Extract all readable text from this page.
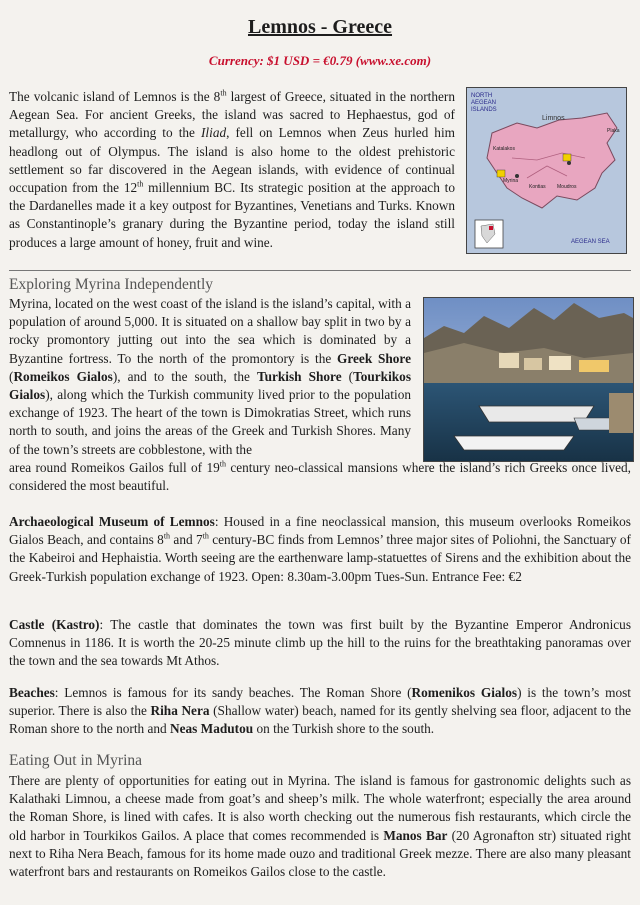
Lemnos - Greece
Currency: $1 USD = €0.79 (www.xe.com)

The volcanic island of Lemnos is the 8th largest of Greece, situated in the northern Aegean Sea. For ancient Greeks, the island was sacred to Hephaestus, god of metallurgy, who according to the Iliad, fell on Lemnos when Zeus hurled him headlong out of Olympus. The island is also home to the oldest prehistoric settlement so far discovered in the Aegean islands, with evidence of continual occupation from the 12th millennium BC. Its strategic position at the approach to the Dardanelles made it a key outpost for Byzantines, Venetians and Turks. Known as Constantinople’s granary during the Byzantine period, today the island still produces a large amount of honey, fruit and wine.

NORTH
AEGEAN
ISLANDS
Limnos
Myrina
Moudros
Plaka
Katalakos
Kontias
AEGEAN SEA
Exploring Myrina Independently

Myrina, located on the west coast of the island is the island’s capital, with a population of around 5,000. It is situated on a shallow bay split in two by a rocky promontory jutting out into the sea which is dominated by a Byzantine fortress. To the north of the promontory is the Greek Shore (Romeikos Gialos), and to the south, the Turkish Shore (Tourkikos Gialos), along which the Turkish community lived prior to the population exchange of 1923. The heart of the town is Dimokratias Street, which runs north to south, and joins the areas of the Greek and Turkish Shores. Many of the town’s streets are cobblestone, with the

area round Romeikos Gailos full of 19th century neo-classical mansions where the island’s rich Greeks once lived, considered the most beautiful.

Archaeological Museum of Lemnos: Housed in a fine neoclassical mansion, this museum overlooks Romeikos Gialos Beach, and contains 8th and 7th century-BC finds from Lemnos’ three major sites of Poliohni, the Sanctuary of the Kabeiroi and Hephaistia. Worth seeing are the earthenware lamp-statuettes of Sirens and the exhibition about the Greek-Turkish population exchange of 1923. Open: 8.30am-3.00pm Tues-Sun. Entrance Fee: €2

Castle (Kastro): The castle that dominates the town was first built by the Byzantine Emperor Andronicus Comnenus in 1186. It is worth the 20-25 minute climb up the hill to the ruins for the breathtaking panoramas over the town and the sea towards Mt Athos.

Beaches: Lemnos is famous for its sandy beaches. The Roman Shore (Romenikos Gialos) is the town’s most superior. There is also the Riha Nera (Shallow water) beach, named for its gently shelving sea floor, adjacent to the Roman shore to the north and Neas Madutou on the Turkish shore to the south.

Eating Out in Myrina

There are plenty of opportunities for eating out in Myrina. The island is famous for gastronomic delights such as Kalathaki Limnou, a cheese made from goat’s and sheep’s milk. The whole waterfront; especially the area around the Roman Shore, is lined with cafes. It is also worth checking out the numerous fish restaurants, which circle the old harbor in Tourkikos Gailos. A place that comes recommended is Manos Bar (20 Agronafton str) situated right next to Riha Nera Beach, famous for its home made ouzo and traditional Greek mezze. There are also many pleasant waterfront bars and restaurants on Romeikos Gailos close to the castle.
